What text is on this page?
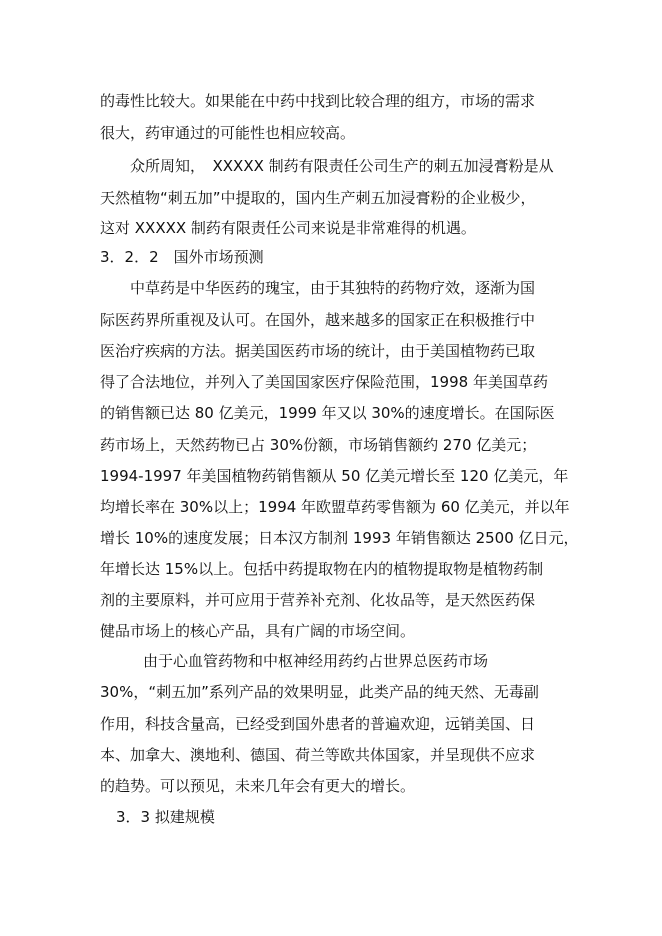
的毒性比较大。如果能在中药中找到比较合理的组方，市场的需求
很大，药审通过的可能性也相应较高。
众所周知，　XXXXX 制药有限责任公司生产的刺五加浸膏粉是从
天然植物“刺五加”中提取的，国内生产刺五加浸膏粉的企业极少，
这对 XXXXX 制药有限责任公司来说是非常难得的机遇。
3．2．2　国外市场预测
中草药是中华医药的瑰宝，由于其独特的药物疗效，逐渐为国
际医药界所重视及认可。在国外，越来越多的国家正在积极推行中
医治疗疾病的方法。据美国医药市场的统计，由于美国植物药已取
得了合法地位，并列入了美国国家医疗保险范围，1998 年美国草药
的销售额已达 80 亿美元，1999 年又以 30%的速度增长。在国际医
药市场上，天然药物已占 30%份额，市场销售额约 270 亿美元；
1994-1997 年美国植物药销售额从 50 亿美元增长至 120 亿美元，年
均增长率在 30%以上；1994 年欧盟草药零售额为 60 亿美元，并以年
增长 10%的速度发展；日本汉方制剂 1993 年销售额达 2500 亿日元，
年增长达 15%以上。包括中药提取物在内的植物提取物是植物药制
剂的主要原料，并可应用于营养补充剂、化妆品等，是天然医药保
健品市场上的核心产品，具有广阔的市场空间。
由于心血管药物和中枢神经用药约占世界总医药市场
30%，“刺五加”系列产品的效果明显，此类产品的纯天然、无毒副
作用，科技含量高，已经受到国外患者的普遍欢迎，远销美国、日
本、加拿大、澳地利、德国、荷兰等欧共体国家，并呈现供不应求
的趋势。可以预见，未来几年会有更大的增长。
3．3 拟建规模
